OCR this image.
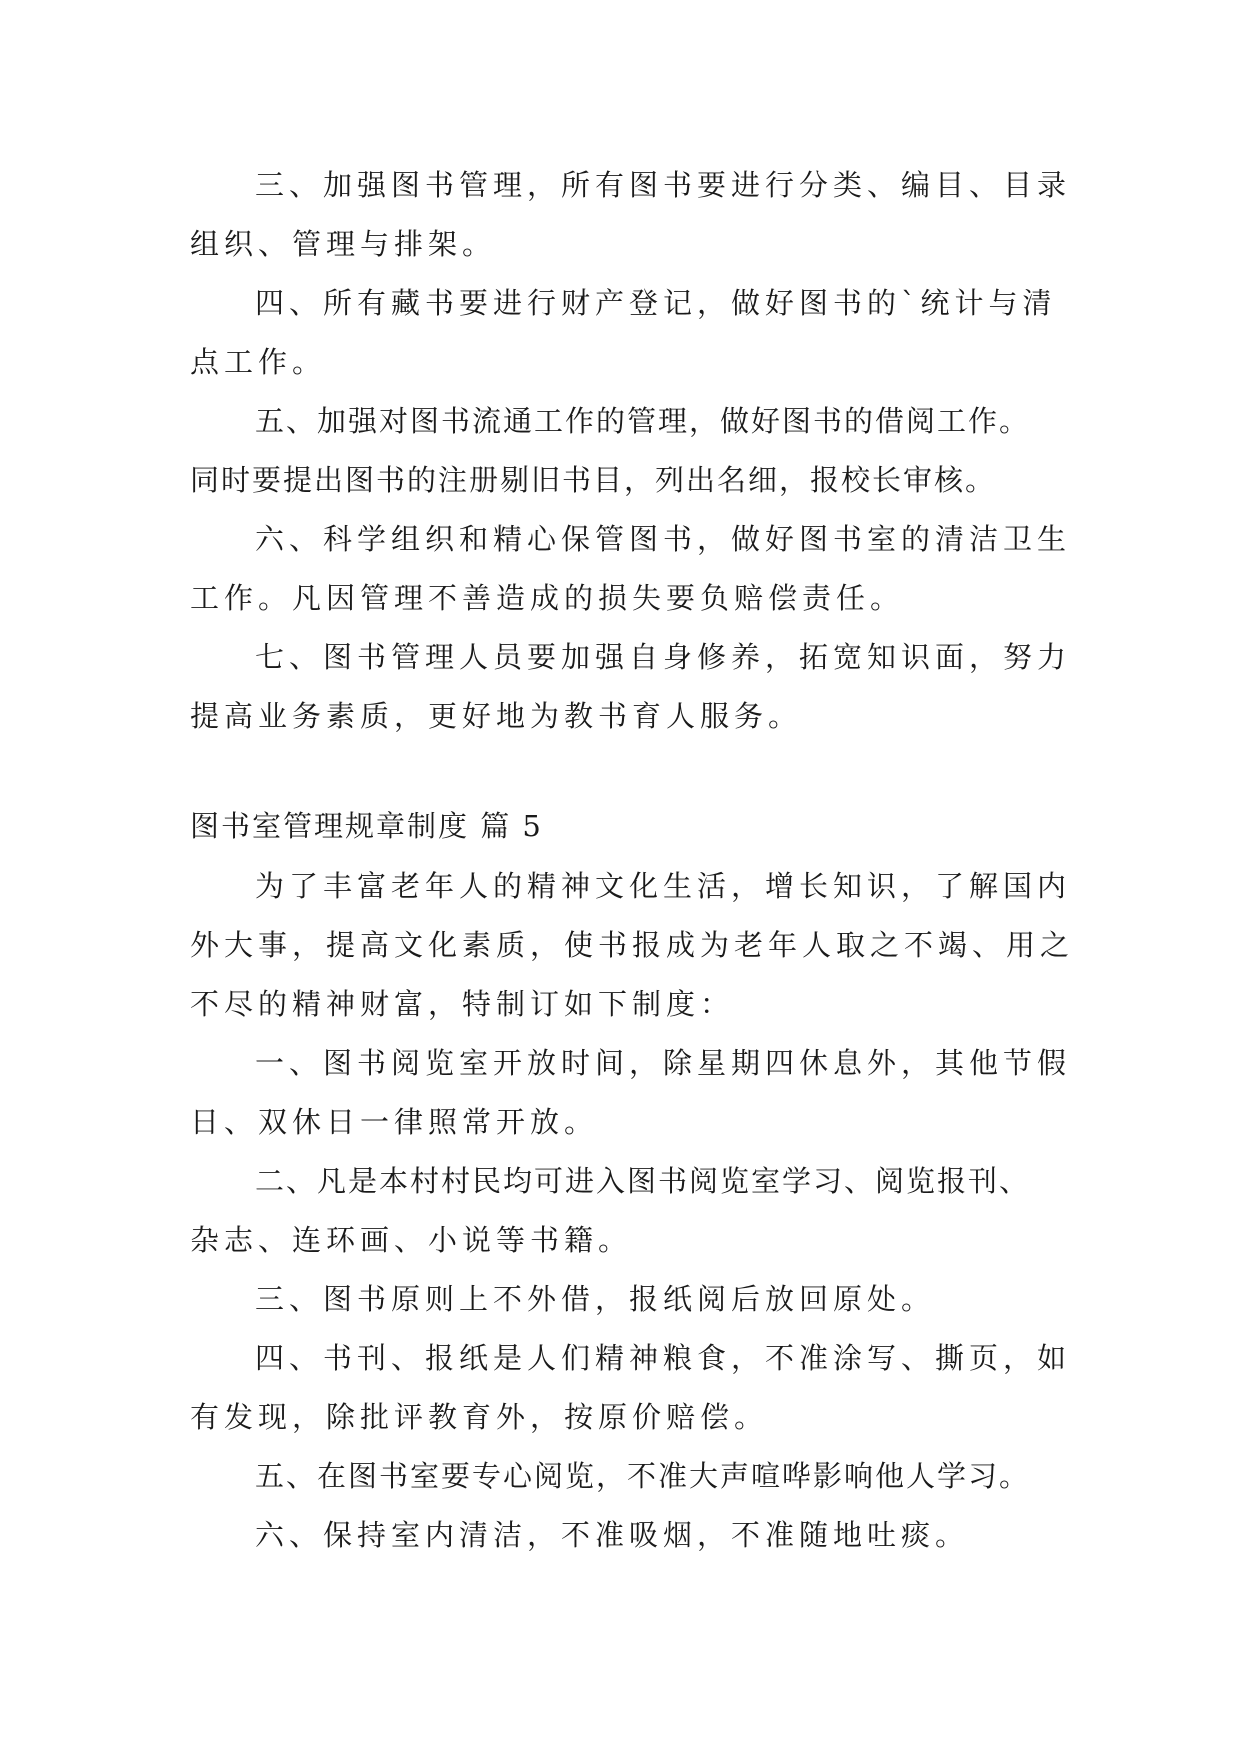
三、加强图书管理，所有图书要进行分类、编目、目录
组织、管理与排架。
四、所有藏书要进行财产登记，做好图书的`统计与清
点工作。
五、加强对图书流通工作的管理，做好图书的借阅工作。
同时要提出图书的注册剔旧书目，列出名细，报校长审核。
六、科学组织和精心保管图书，做好图书室的清洁卫生
工作。凡因管理不善造成的损失要负赔偿责任。
七、图书管理人员要加强自身修养，拓宽知识面，努力
提高业务素质，更好地为教书育人服务。
图书室管理规章制度 篇 5
为了丰富老年人的精神文化生活，增长知识，了解国内
外大事，提高文化素质，使书报成为老年人取之不竭、用之
不尽的精神财富，特制订如下制度：
一、图书阅览室开放时间，除星期四休息外，其他节假
日、双休日一律照常开放。
二、凡是本村村民均可进入图书阅览室学习、阅览报刊、
杂志、连环画、小说等书籍。
三、图书原则上不外借，报纸阅后放回原处。
四、书刊、报纸是人们精神粮食，不准涂写、撕页，如
有发现，除批评教育外，按原价赔偿。
五、在图书室要专心阅览，不准大声喧哗影响他人学习。
六、保持室内清洁，不准吸烟，不准随地吐痰。
